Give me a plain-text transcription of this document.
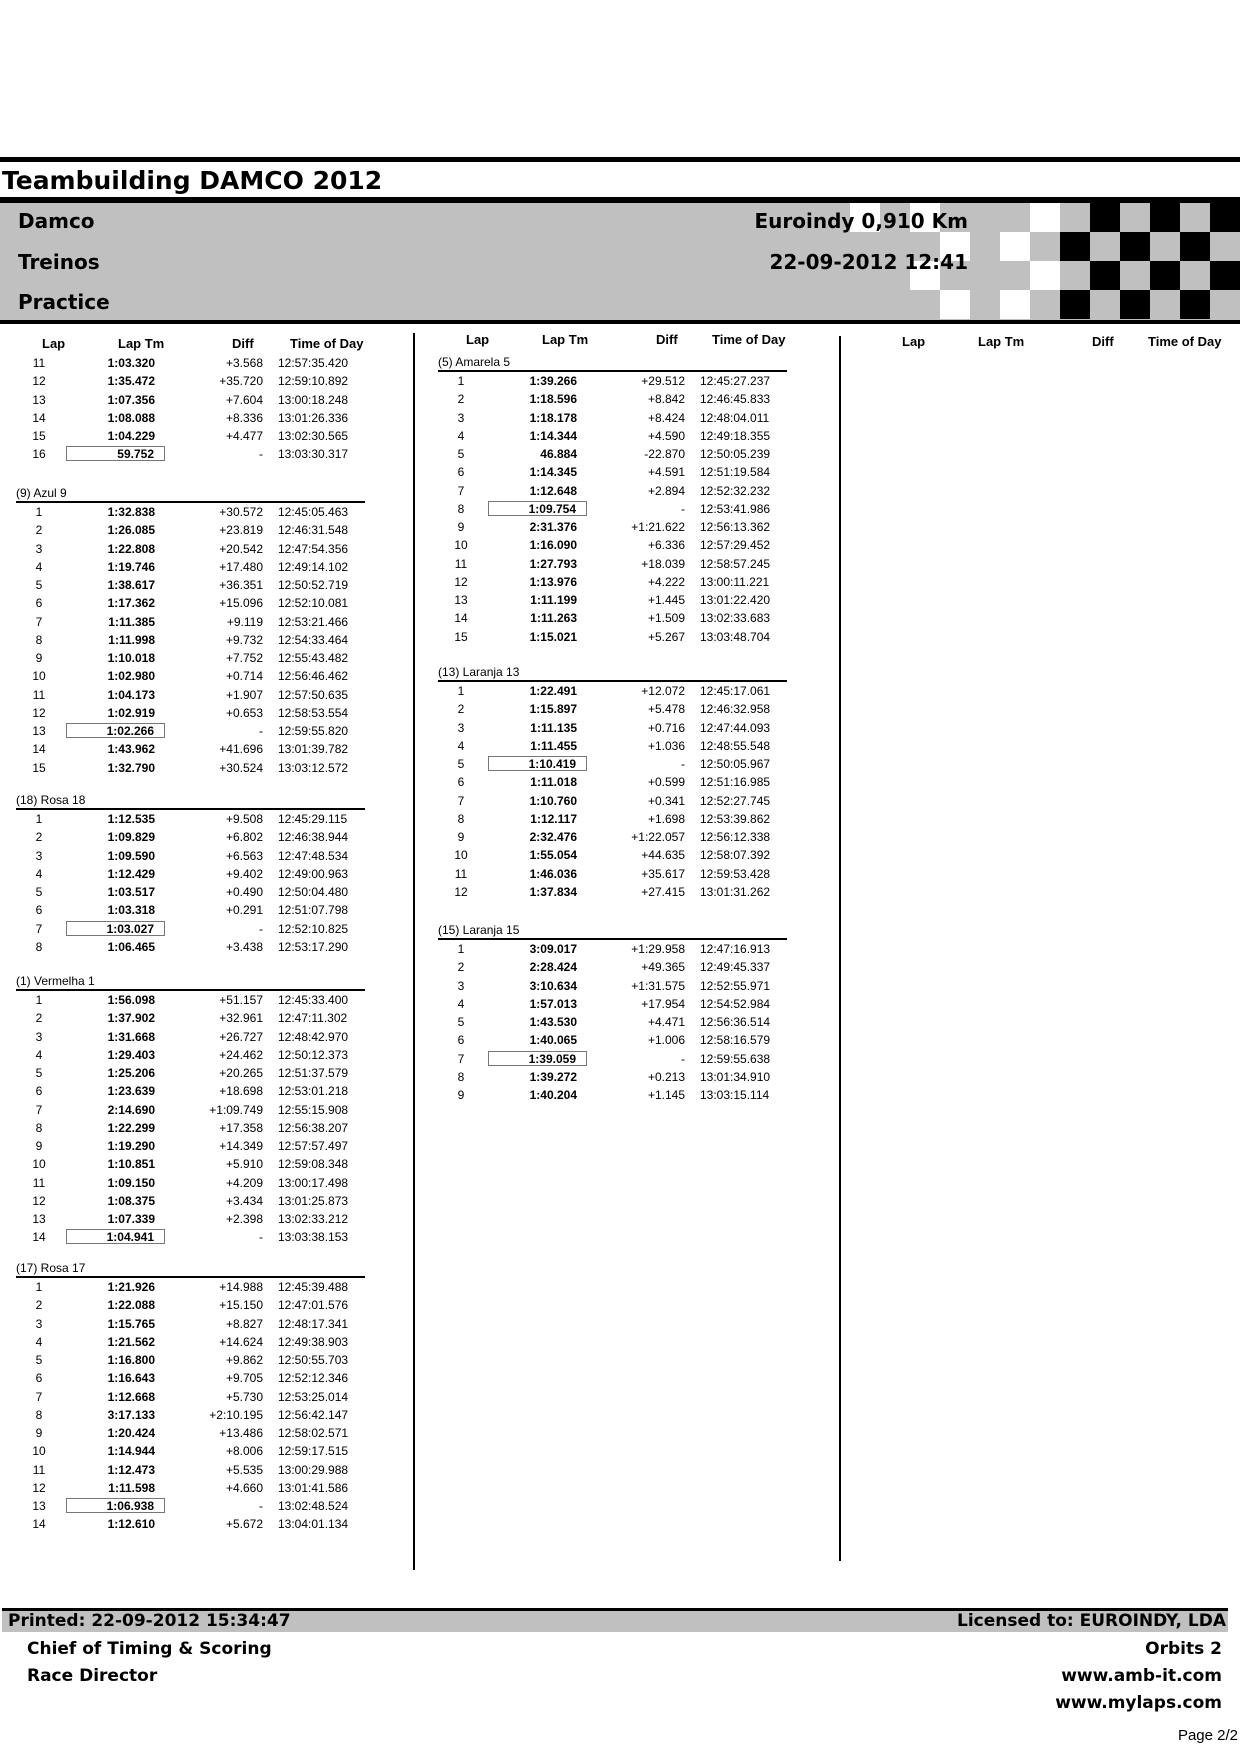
Teambuilding DAMCO 2012
Damco
Treinos
Practice
Euroindy 0,910 Km
22-09-2012 12:41
Lap	Lap Tm	Diff	Time of Day	Lap	Lap Tm	Diff	Time of Day	Lap	Lap Tm	Diff	Time of Day
11	1:03.320	+3.568 12:57:35.420
12	1:35.472	+35.720 12:59:10.892
13	1:07.356	+7.604 13:00:18.248
14	1:08.088	+8.336 13:01:26.336
15	1:04.229	+4.477 13:02:30.565
16	59.752	- 13:03:30.317
(9) Azul 9
1	1:32.838	+30.572 12:45:05.463
2	1:26.085	+23.819 12:46:31.548
3	1:22.808	+20.542 12:47:54.356
4	1:19.746	+17.480 12:49:14.102
5	1:38.617	+36.351 12:50:52.719
6	1:17.362	+15.096 12:52:10.081
7	1:11.385	+9.119 12:53:21.466
8	1:11.998	+9.732 12:54:33.464
9	1:10.018	+7.752 12:55:43.482
10	1:02.980	+0.714 12:56:46.462
11	1:04.173	+1.907 12:57:50.635
12	1:02.919	+0.653 12:58:53.554
13	1:02.266	- 12:59:55.820
14	1:43.962	+41.696 13:01:39.782
15	1:32.790	+30.524 13:03:12.572
(18) Rosa 18
1	1:12.535	+9.508 12:45:29.115
2	1:09.829	+6.802 12:46:38.944
3	1:09.590	+6.563 12:47:48.534
4	1:12.429	+9.402 12:49:00.963
5	1:03.517	+0.490 12:50:04.480
6	1:03.318	+0.291 12:51:07.798
7	1:03.027	- 12:52:10.825
8	1:06.465	+3.438 12:53:17.290
(1) Vermelha 1
1	1:56.098	+51.157 12:45:33.400
2	1:37.902	+32.961 12:47:11.302
3	1:31.668	+26.727 12:48:42.970
4	1:29.403	+24.462 12:50:12.373
5	1:25.206	+20.265 12:51:37.579
6	1:23.639	+18.698 12:53:01.218
7	2:14.690	+1:09.749 12:55:15.908
8	1:22.299	+17.358 12:56:38.207
9	1:19.290	+14.349 12:57:57.497
10	1:10.851	+5.910 12:59:08.348
11	1:09.150	+4.209 13:00:17.498
12	1:08.375	+3.434 13:01:25.873
13	1:07.339	+2.398 13:02:33.212
14	1:04.941	- 13:03:38.153
(17) Rosa 17
1	1:21.926	+14.988 12:45:39.488
2	1:22.088	+15.150 12:47:01.576
3	1:15.765	+8.827 12:48:17.341
4	1:21.562	+14.624 12:49:38.903
5	1:16.800	+9.862 12:50:55.703
6	1:16.643	+9.705 12:52:12.346
7	1:12.668	+5.730 12:53:25.014
8	3:17.133	+2:10.195 12:56:42.147
9	1:20.424	+13.486 12:58:02.571
10	1:14.944	+8.006 12:59:17.515
11	1:12.473	+5.535 13:00:29.988
12	1:11.598	+4.660 13:01:41.586
13	1:06.938	- 13:02:48.524
14	1:12.610	+5.672 13:04:01.134
(5) Amarela 5
1	1:39.266	+29.512 12:45:27.237
2	1:18.596	+8.842 12:46:45.833
3	1:18.178	+8.424 12:48:04.011
4	1:14.344	+4.590 12:49:18.355
5	46.884	-22.870 12:50:05.239
6	1:14.345	+4.591 12:51:19.584
7	1:12.648	+2.894 12:52:32.232
8	1:09.754	- 12:53:41.986
9	2:31.376	+1:21.622 12:56:13.362
10	1:16.090	+6.336 12:57:29.452
11	1:27.793	+18.039 12:58:57.245
12	1:13.976	+4.222 13:00:11.221
13	1:11.199	+1.445 13:01:22.420
14	1:11.263	+1.509 13:02:33.683
15	1:15.021	+5.267 13:03:48.704
(13) Laranja 13
1	1:22.491	+12.072 12:45:17.061
2	1:15.897	+5.478 12:46:32.958
3	1:11.135	+0.716 12:47:44.093
4	1:11.455	+1.036 12:48:55.548
5	1:10.419	- 12:50:05.967
6	1:11.018	+0.599 12:51:16.985
7	1:10.760	+0.341 12:52:27.745
8	1:12.117	+1.698 12:53:39.862
9	2:32.476	+1:22.057 12:56:12.338
10	1:55.054	+44.635 12:58:07.392
11	1:46.036	+35.617 12:59:53.428
12	1:37.834	+27.415 13:01:31.262
(15) Laranja 15
1	3:09.017	+1:29.958 12:47:16.913
2	2:28.424	+49.365 12:49:45.337
3	3:10.634	+1:31.575 12:52:55.971
4	1:57.013	+17.954 12:54:52.984
5	1:43.530	+4.471 12:56:36.514
6	1:40.065	+1.006 12:58:16.579
7	1:39.059	- 12:59:55.638
8	1:39.272	+0.213 13:01:34.910
9	1:40.204	+1.145 13:03:15.114
Printed: 22-09-2012 15:34:47	Licensed to: EUROINDY, LDA
Chief of Timing & Scoring
Race Director
Orbits 2
www.amb-it.com
www.mylaps.com
Page 2/2
